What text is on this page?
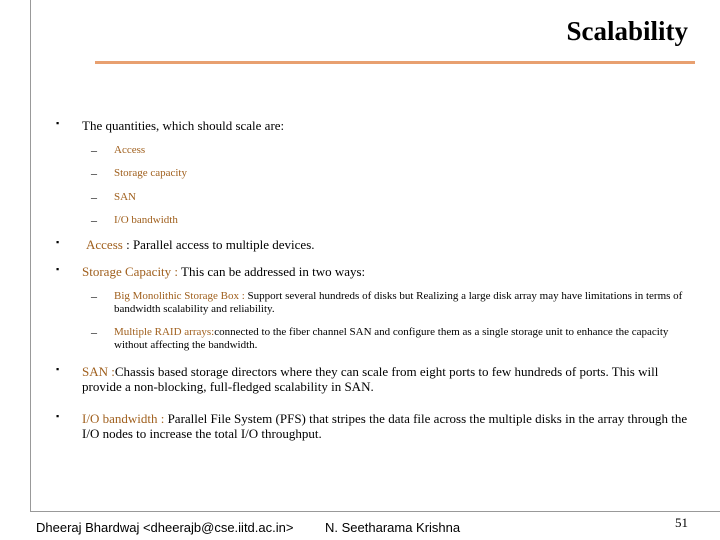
Scalability
▪ The quantities, which should scale are:
– Access
– Storage capacity
– SAN
– I/O bandwidth
▪ Access : Parallel access to multiple devices.
▪ Storage Capacity : This can be addressed in two ways:
– Big Monolithic Storage Box : Support several hundreds of disks but Realizing a large disk array may have limitations in terms of bandwidth scalability and reliability.
– Multiple RAID arrays:connected to the fiber channel SAN and configure them as a single storage unit to enhance the capacity without affecting the bandwidth.
▪ SAN :Chassis based storage directors where they can scale from eight ports to few hundreds of ports. This will provide a non-blocking, full-fledged scalability in SAN.
▪ I/O bandwidth : Parallel File System (PFS) that stripes the data file across the multiple disks in the array through the I/O nodes to increase the total I/O throughput.
Dheeraj Bhardwaj <dheerajb@cse.iitd.ac.in> N. Seetharama Krishna	51
